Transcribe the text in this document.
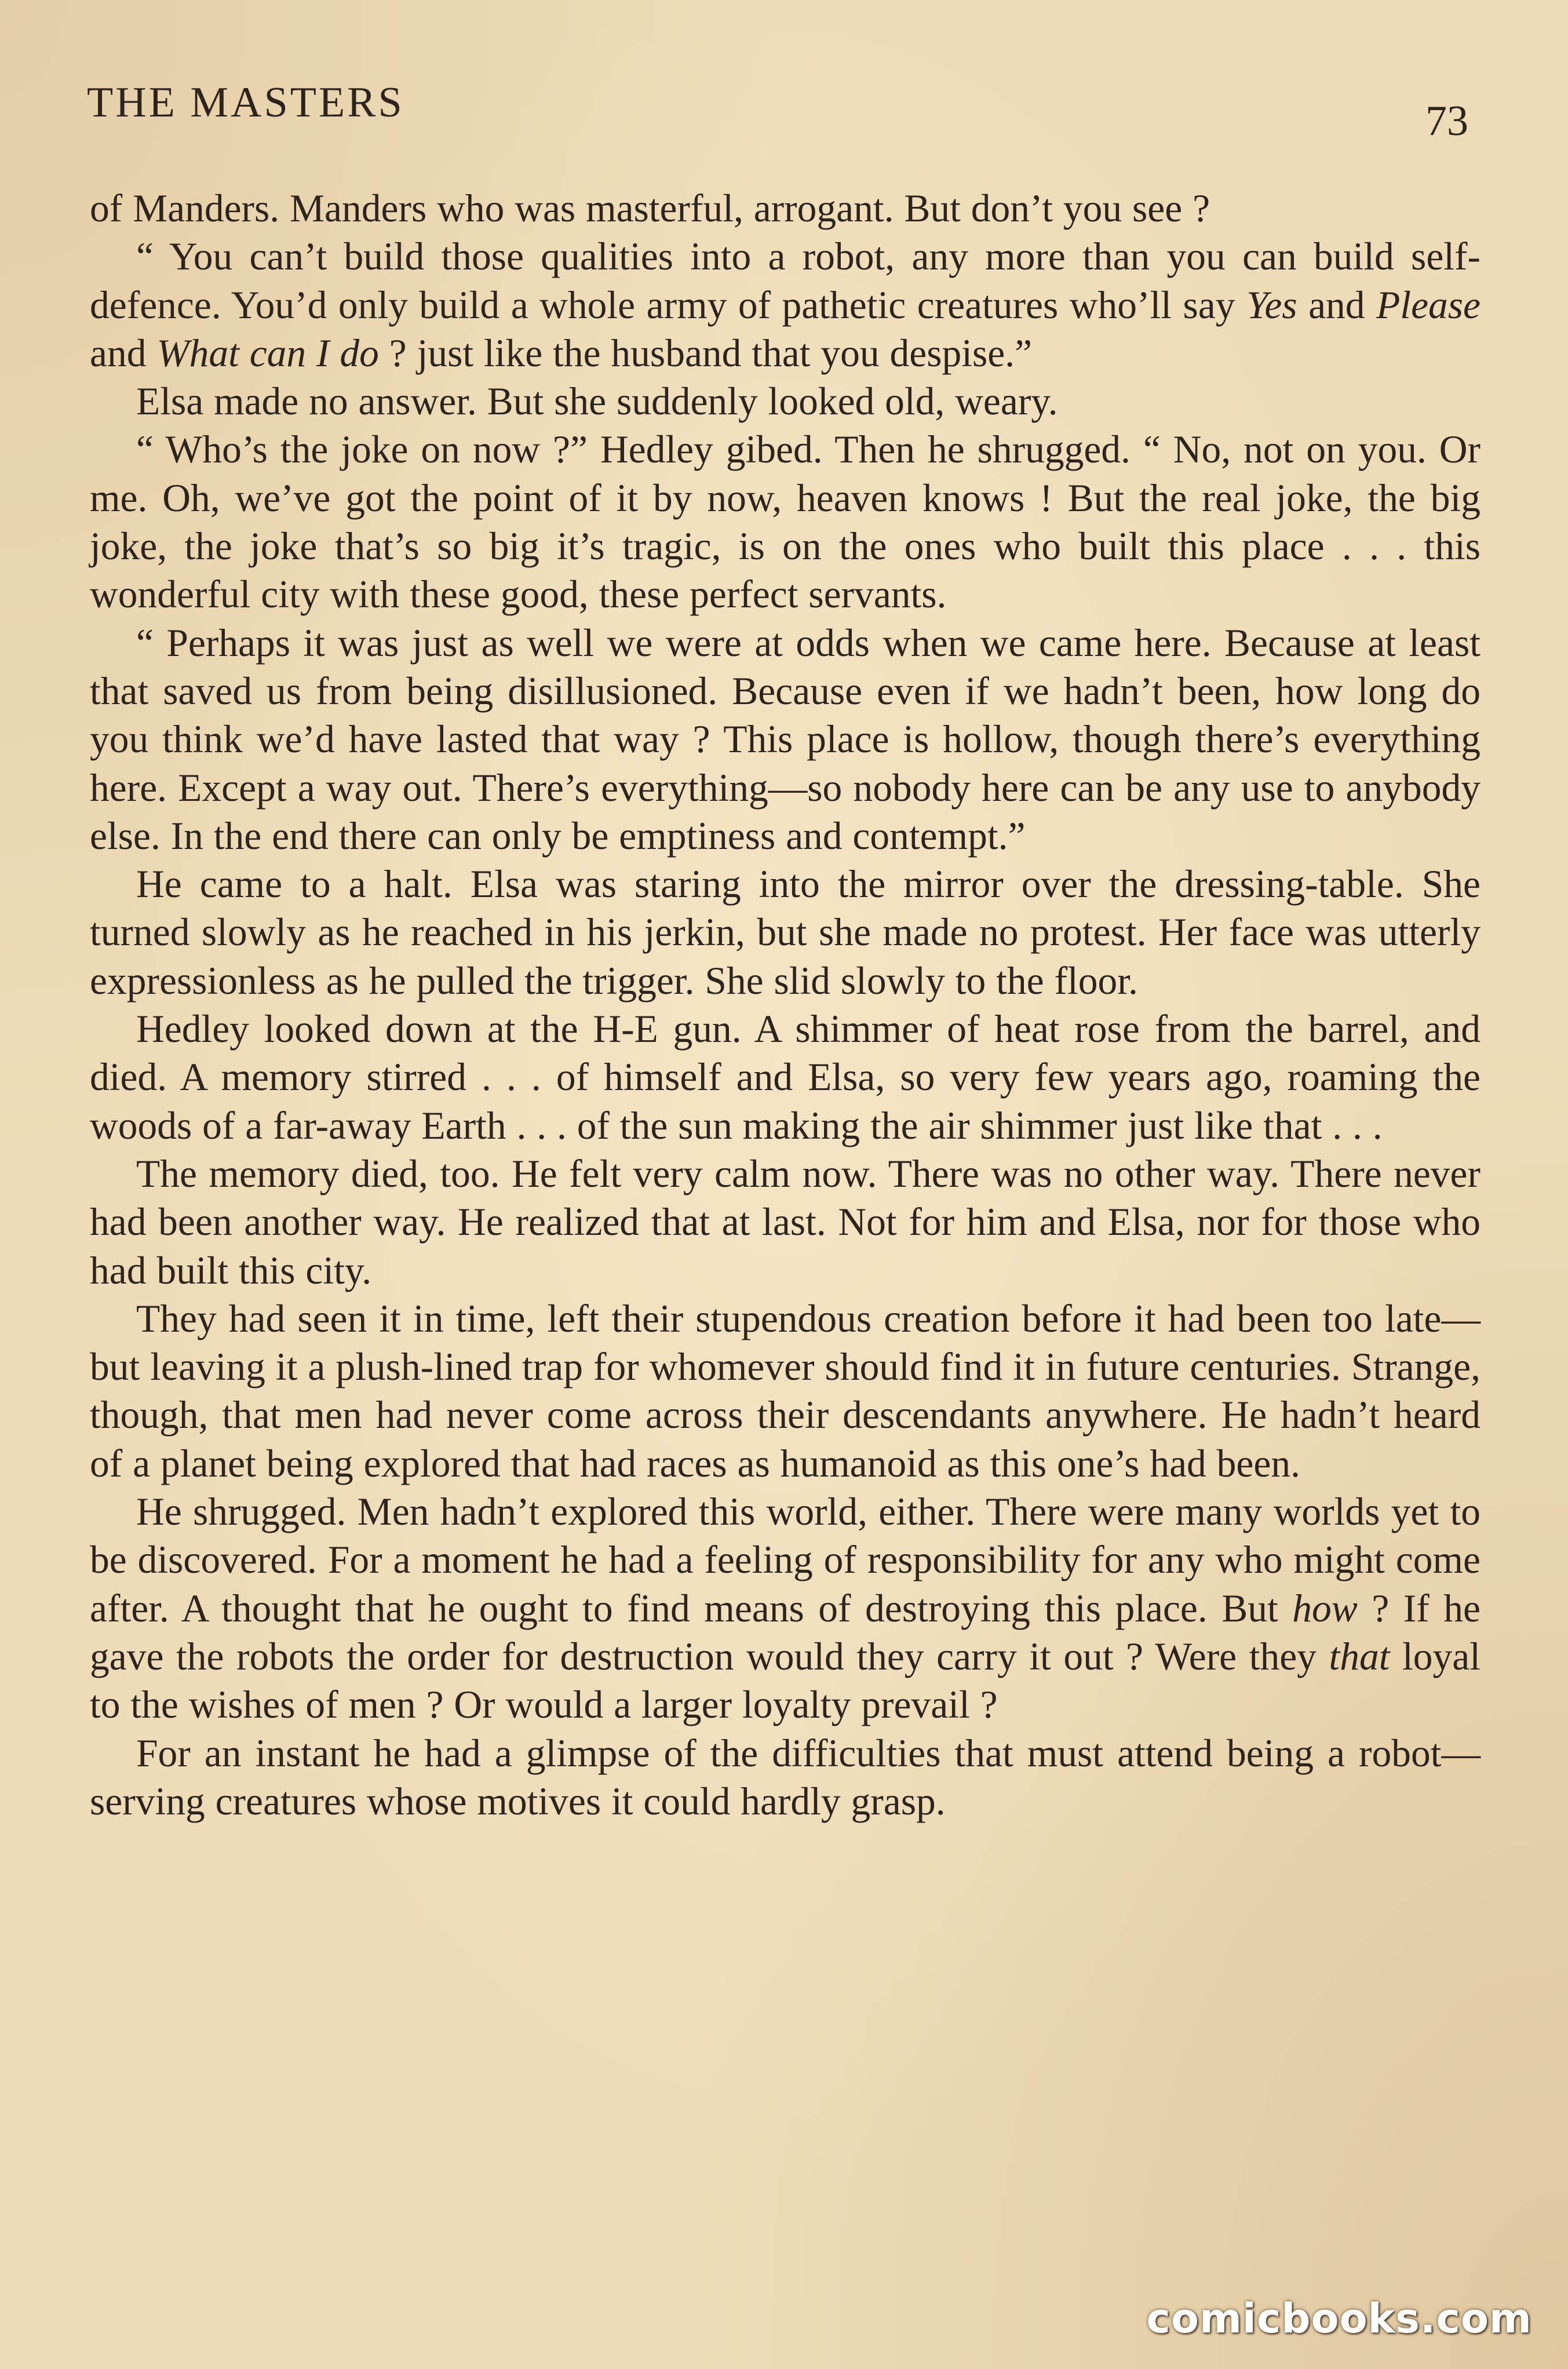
THE MASTERS	73

of Manders. Manders who was masterful, arrogant. But don’t you see ?

“ You can’t build those qualities into a robot, any more than you can build self-defence. You’d only build a whole army of pathetic creatures who’ll say Yes and Please and What can I do ? just like the husband that you despise.”

Elsa made no answer. But she suddenly looked old, weary.

“ Who’s the joke on now ?” Hedley gibed. Then he shrugged. “ No, not on you. Or me. Oh, we’ve got the point of it by now, heaven knows ! But the real joke, the big joke, the joke that’s so big it’s tragic, is on the ones who built this place . . . this wonderful city with these good, these perfect servants.

“ Perhaps it was just as well we were at odds when we came here. Because at least that saved us from being disillusioned. Because even if we hadn’t been, how long do you think we’d have lasted that way ? This place is hollow, though there’s everything here. Except a way out. There’s everything—so nobody here can be any use to anybody else. In the end there can only be emptiness and contempt.”

He came to a halt. Elsa was staring into the mirror over the dressing-table. She turned slowly as he reached in his jerkin, but she made no protest. Her face was utterly expressionless as he pulled the trigger. She slid slowly to the floor.

Hedley looked down at the H-E gun. A shimmer of heat rose from the barrel, and died. A memory stirred . . . of himself and Elsa, so very few years ago, roaming the woods of a far-away Earth . . . of the sun making the air shimmer just like that . . .

The memory died, too. He felt very calm now. There was no other way. There never had been another way. He realized that at last. Not for him and Elsa, nor for those who had built this city.

They had seen it in time, left their stupendous creation before it had been too late—but leaving it a plush-lined trap for whomever should find it in future centuries. Strange, though, that men had never come across their descendants anywhere. He hadn’t heard of a planet being explored that had races as humanoid as this one’s had been.

He shrugged. Men hadn’t explored this world, either. There were many worlds yet to be discovered. For a moment he had a feeling of responsibility for any who might come after. A thought that he ought to find means of destroying this place. But how ? If he gave the robots the order for destruction would they carry it out ? Were they that loyal to the wishes of men ? Or would a larger loyalty prevail ?

For an instant he had a glimpse of the difficulties that must attend being a robot—serving creatures whose motives it could hardly grasp.

comicbooks.com
